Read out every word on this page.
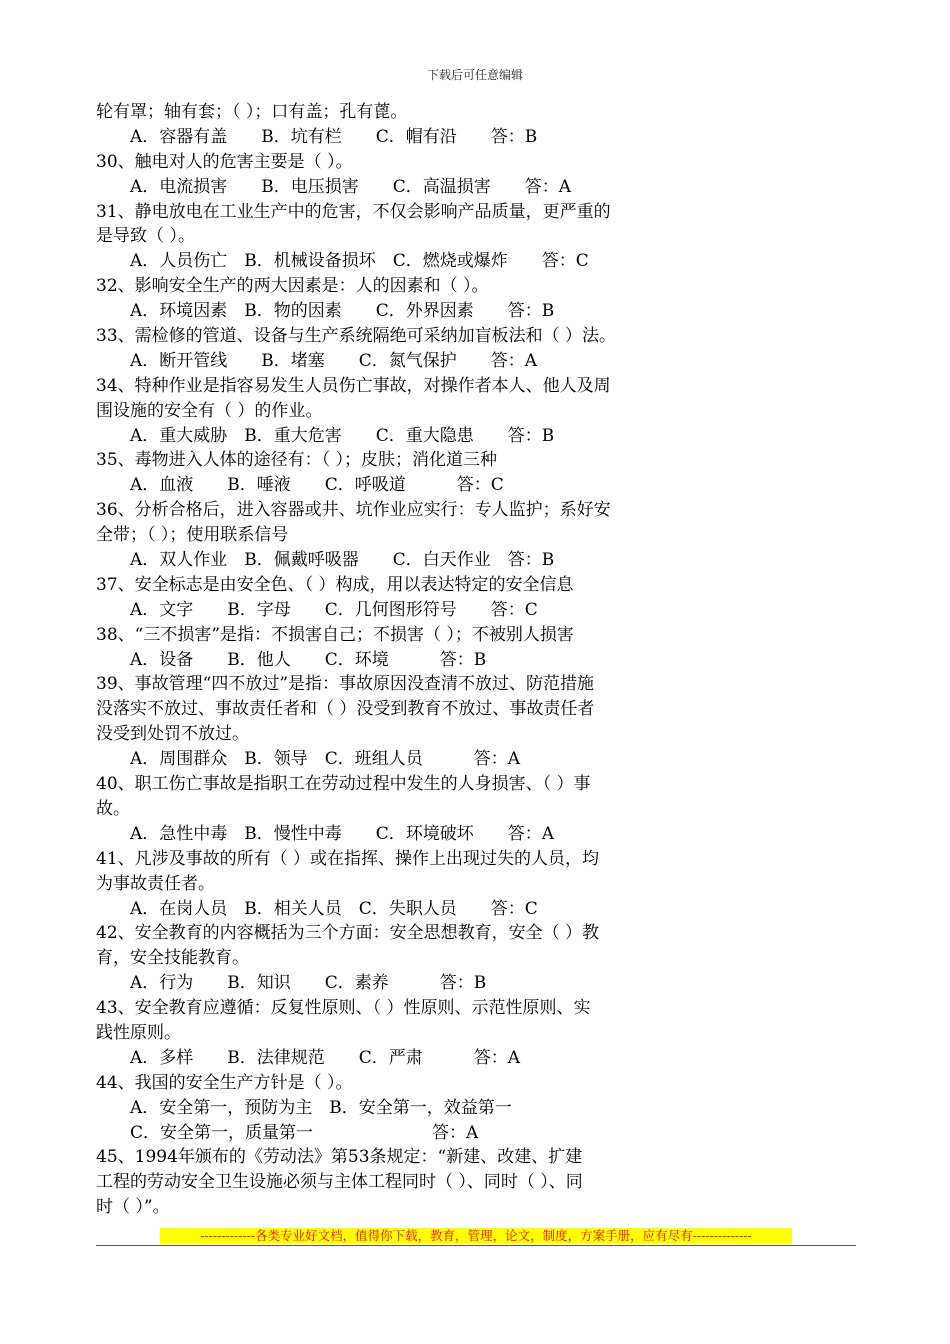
下载后可任意编辑
轮有罩；轴有套；（ ）；口有盖；孔有蓖。
A．容器有盖　　B．坑有栏　　C．帽有沿　　答：B
30、触电对人的危害主要是（ ）。
A．电流损害　　B．电压损害　　C．高温损害　　答：A
31、静电放电在工业生产中的危害，不仅会影响产品质量，更严重的
是导致（ ）。
A．人员伤亡　B．机械设备损坏　C．燃烧或爆炸　　答：C
32、影响安全生产的两大因素是：人的因素和（ ）。
A．环境因素　B．物的因素　　C．外界因素　　答：B
33、需检修的管道、设备与生产系统隔绝可采纳加盲板法和（ ）法。
A．断开管线　　B．堵塞　　C．氮气保护　　答：A
34、特种作业是指容易发生人员伤亡事故，对操作者本人、他人及周
围设施的安全有（ ）的作业。
A．重大威胁　B．重大危害　　C．重大隐患　　答：B
35、毒物进入人体的途径有：（ ）；皮肤；消化道三种
A．血液　　B．唾液　　C．呼吸道　　　答：C
36、分析合格后，进入容器或井、坑作业应实行：专人监护；系好安
全带；（ ）；使用联系信号
A．双人作业　B．佩戴呼吸器　　C．白天作业　答：B
37、安全标志是由安全色、（ ）构成，用以表达特定的安全信息
A．文字　　B．字母　　C．几何图形符号　　答：C
38、“三不损害”是指：不损害自己；不损害（ ）；不被别人损害
A．设备　　B．他人　　C．环境　　　答：B
39、事故管理“四不放过”是指：事故原因没查清不放过、防范措施
没落实不放过、事故责任者和（ ）没受到教育不放过、事故责任者
没受到处罚不放过。
A．周围群众　B．领导　C．班组人员　　　答：A
40、职工伤亡事故是指职工在劳动过程中发生的人身损害、（ ）事
故。
A．急性中毒　B．慢性中毒　　C．环境破坏　　答：A
41、凡涉及事故的所有（ ）或在指挥、操作上出现过失的人员，均
为事故责任者。
A．在岗人员　B．相关人员　C．失职人员　　答：C
42、安全教育的内容概括为三个方面：安全思想教育，安全（ ）教
育，安全技能教育。
A．行为　　B．知识　　C．素养　　　答：B
43、安全教育应遵循：反复性原则、（ ）性原则、示范性原则、实
践性原则。
A．多样　　B．法律规范　　C．严肃　　　答：A
44、我国的安全生产方针是（ ）。
A．安全第一，预防为主　B．安全第一，效益第一
C．安全第一，质量第一　　　　　　　答：A
45、1994年颁布的《劳动法》第53条规定：“新建、改建、扩建
工程的劳动安全卫生设施必须与主体工程同时（ ）、同时（ ）、同
时（ ）”。
-------------各类专业好文档，值得你下载，教育，管理，论文，制度，方案手册，应有尽有--------------
